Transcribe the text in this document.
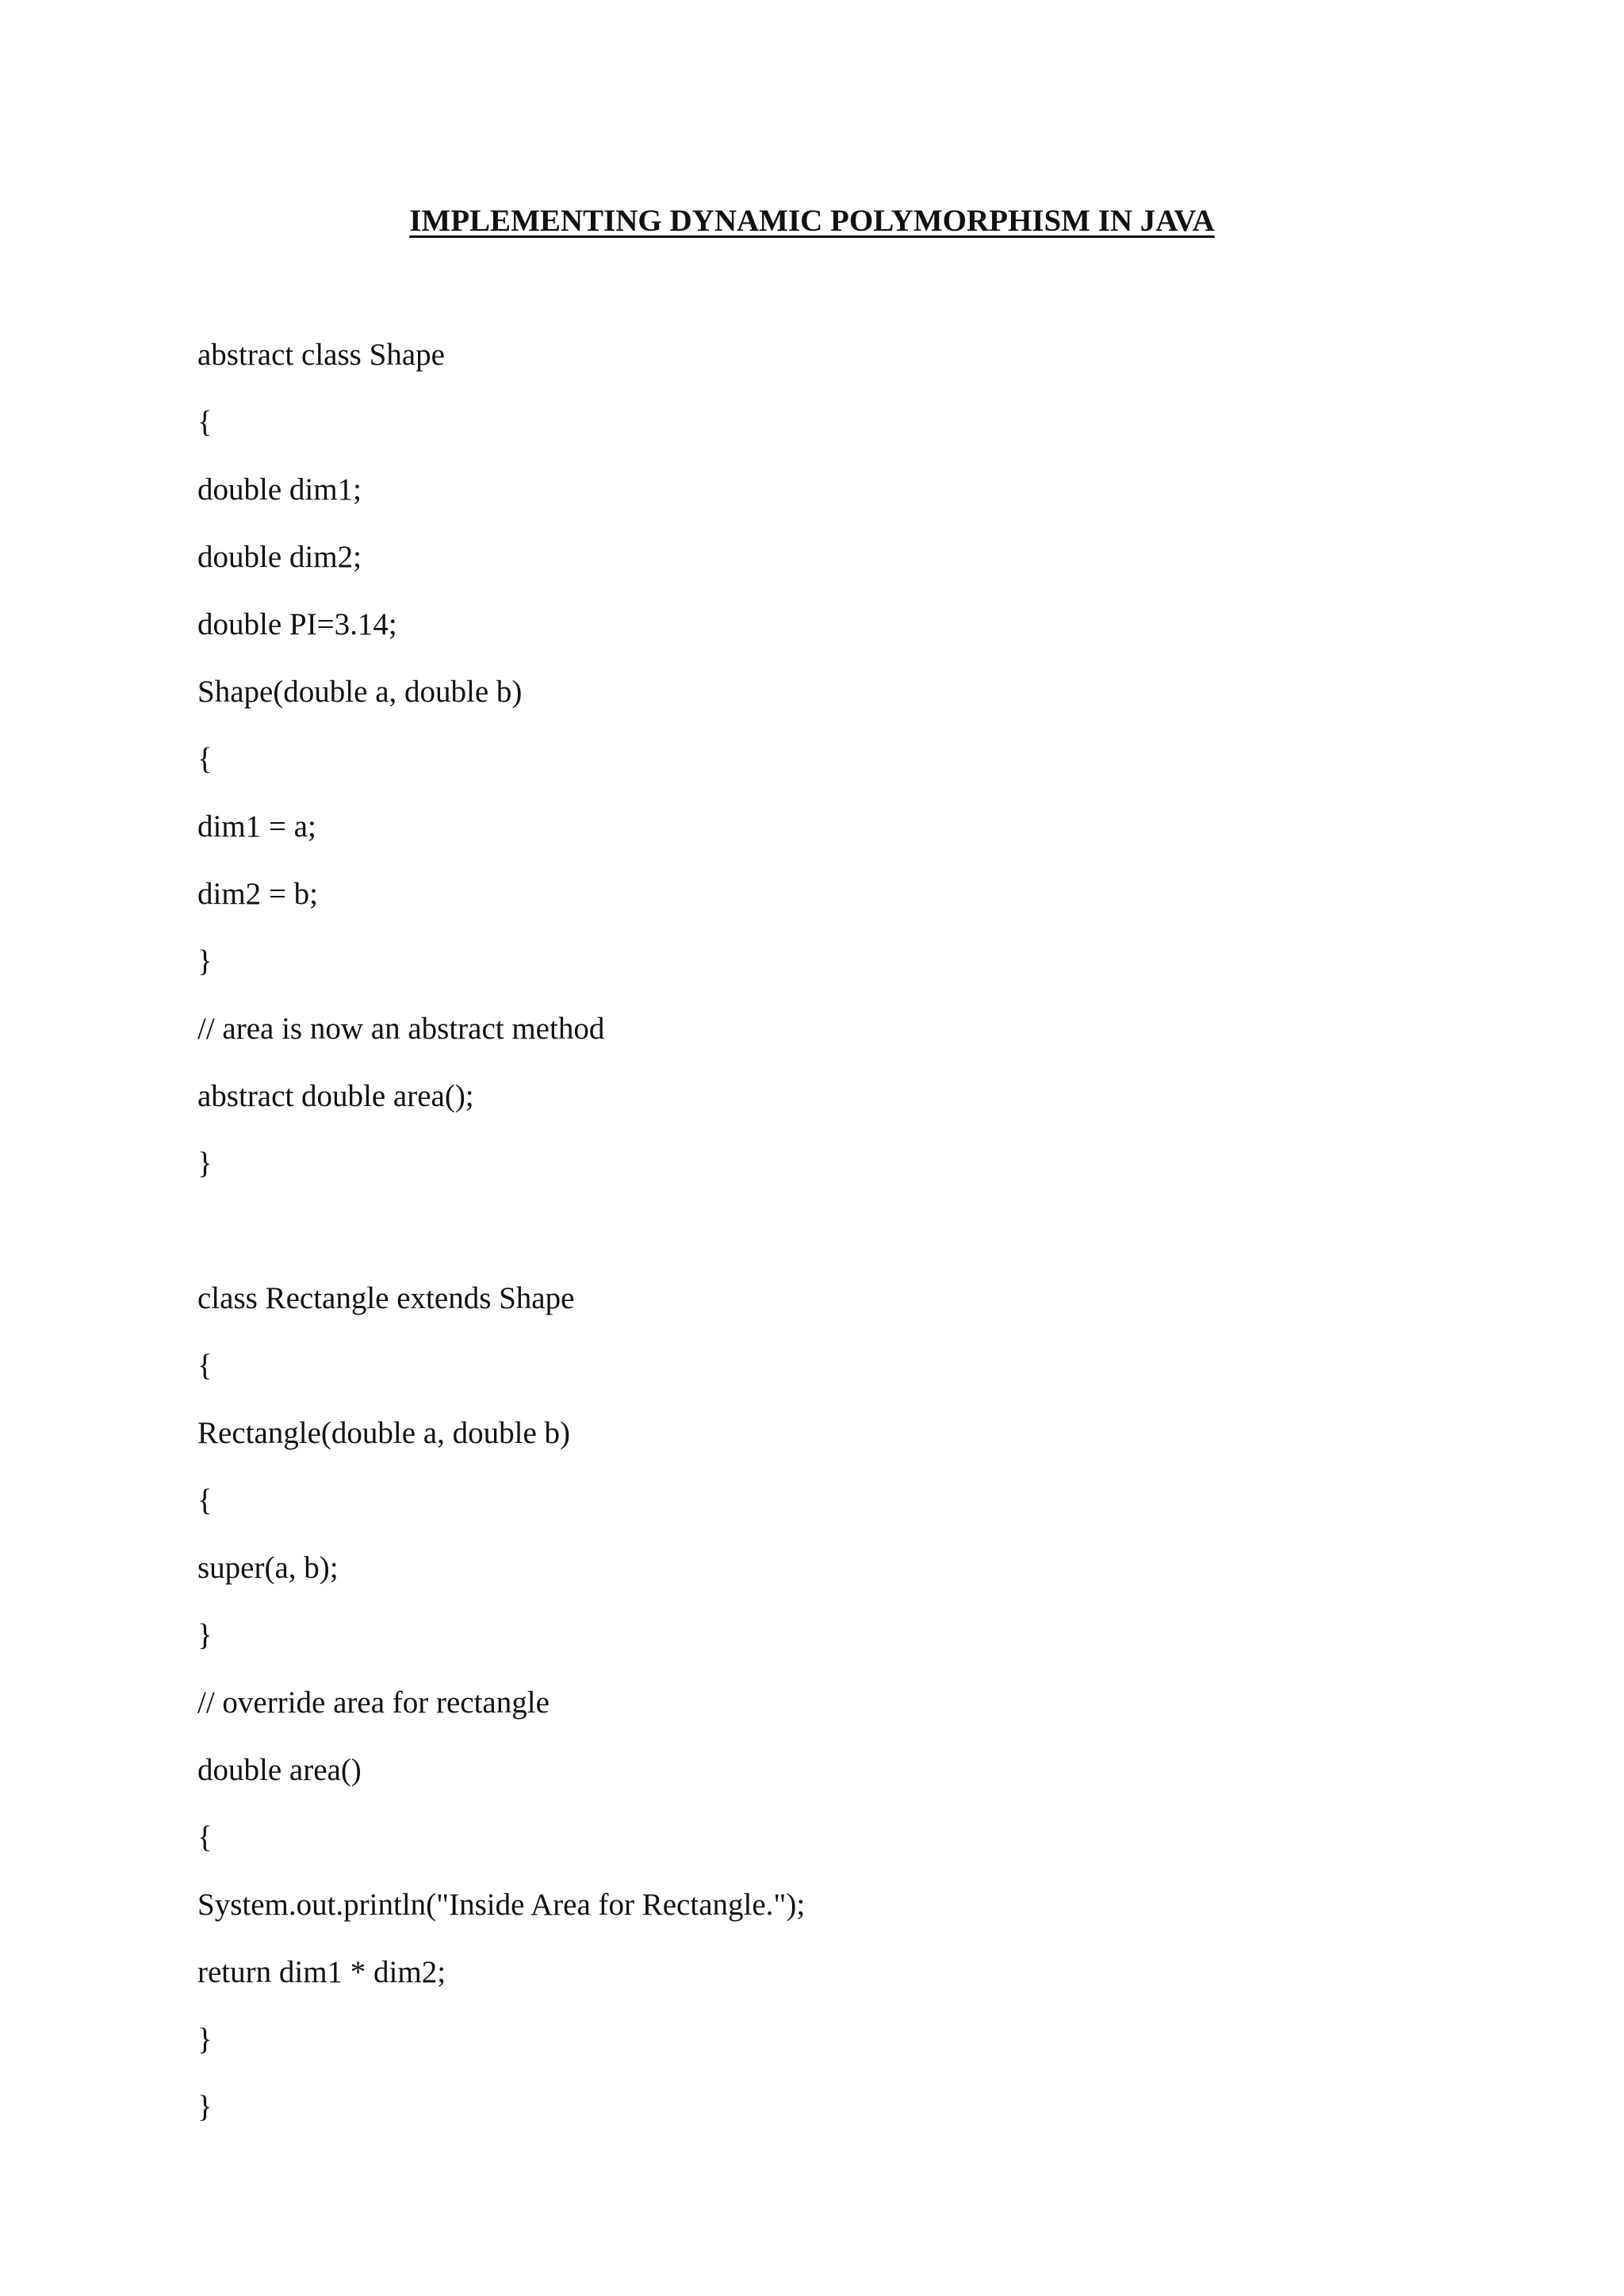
IMPLEMENTING DYNAMIC POLYMORPHISM IN JAVA
abstract class Shape
{
double dim1;
double dim2;
double PI=3.14;
Shape(double a, double b)
{
dim1 = a;
dim2 = b;
}
// area is now an abstract method
abstract double area();
}
class Rectangle extends Shape
{
Rectangle(double a, double b)
{
super(a, b);
}
// override area for rectangle
double area()
{
System.out.println("Inside Area for Rectangle.");
return dim1 * dim2;
}
}
